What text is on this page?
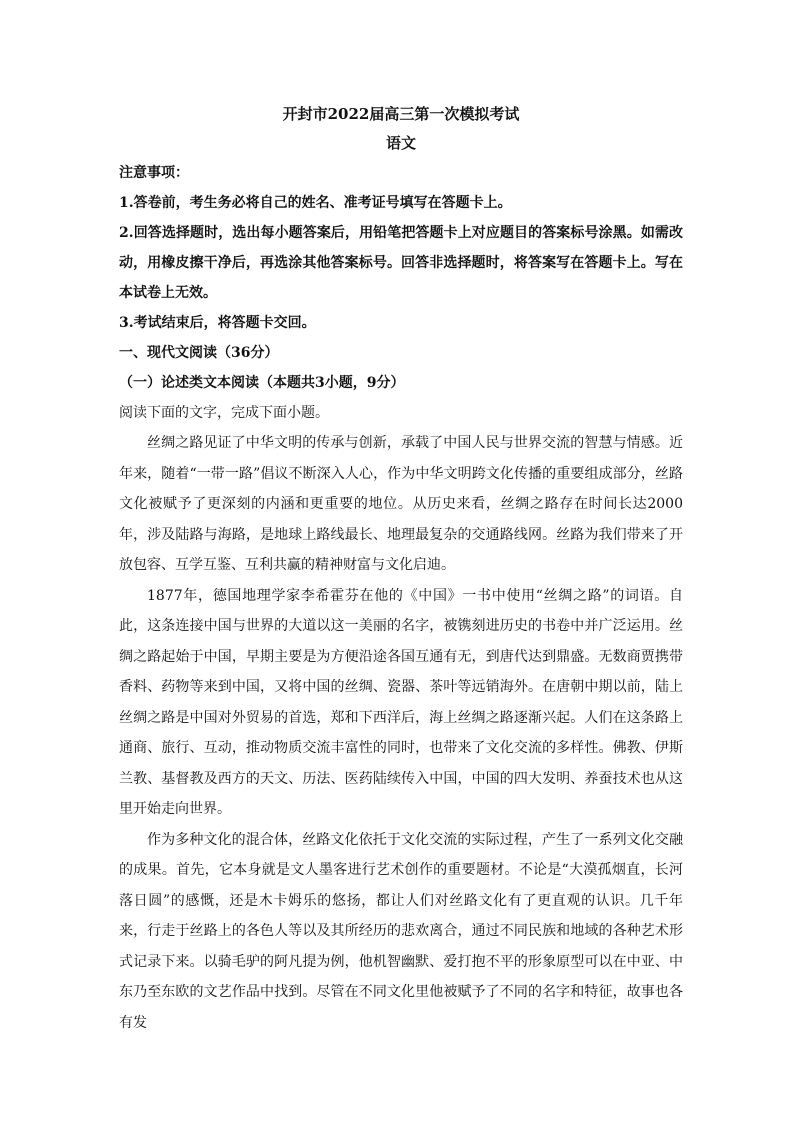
开封市2022届高三第一次模拟考试

语文

注意事项：

1.答卷前，考生务必将自己的姓名、准考证号填写在答题卡上。

2.回答选择题时，选出每小题答案后，用铅笔把答题卡上对应题目的答案标号涂黑。如需改动，用橡皮擦干净后，再选涂其他答案标号。回答非选择题时，将答案写在答题卡上。写在本试卷上无效。

3.考试结束后，将答题卡交回。

一、现代文阅读（36分）

（一）论述类文本阅读（本题共3小题，9分）

阅读下面的文字，完成下面小题。

丝绸之路见证了中华文明的传承与创新，承载了中国人民与世界交流的智慧与情感。近年来，随着“一带一路”倡议不断深入人心，作为中华文明跨文化传播的重要组成部分，丝路文化被赋予了更深刻的内涵和更重要的地位。从历史来看，丝绸之路存在时间长达2000年，涉及陆路与海路，是地球上路线最长、地理最复杂的交通路线网。丝路为我们带来了开放包容、互学互鉴、互利共赢的精神财富与文化启迪。

1877年，德国地理学家李希霍芬在他的《中国》一书中使用“丝绸之路”的词语。自此，这条连接中国与世界的大道以这一美丽的名字，被镌刻进历史的书卷中并广泛运用。丝绸之路起始于中国，早期主要是为方便沿途各国互通有无，到唐代达到鼎盛。无数商贾携带香料、药物等来到中国，又将中国的丝绸、瓷器、茶叶等远销海外。在唐朝中期以前，陆上丝绸之路是中国对外贸易的首选，郑和下西洋后，海上丝绸之路逐渐兴起。人们在这条路上通商、旅行、互动，推动物质交流丰富性的同时，也带来了文化交流的多样性。佛教、伊斯兰教、基督教及西方的天文、历法、医药陆续传入中国，中国的四大发明、养蚕技术也从这里开始走向世界。

作为多种文化的混合体，丝路文化依托于文化交流的实际过程，产生了一系列文化交融的成果。首先，它本身就是文人墨客进行艺术创作的重要题材。不论是“大漠孤烟直，长河落日圆”的感慨，还是木卡姆乐的悠扬，都让人们对丝路文化有了更直观的认识。几千年来，行走于丝路上的各色人等以及其所经历的悲欢离合，通过不同民族和地域的各种艺术形式记录下来。以骑毛驴的阿凡提为例，他机智幽默、爱打抱不平的形象原型可以在中亚、中东乃至东欧的文艺作品中找到。尽管在不同文化里他被赋予了不同的名字和特征，故事也各有发
